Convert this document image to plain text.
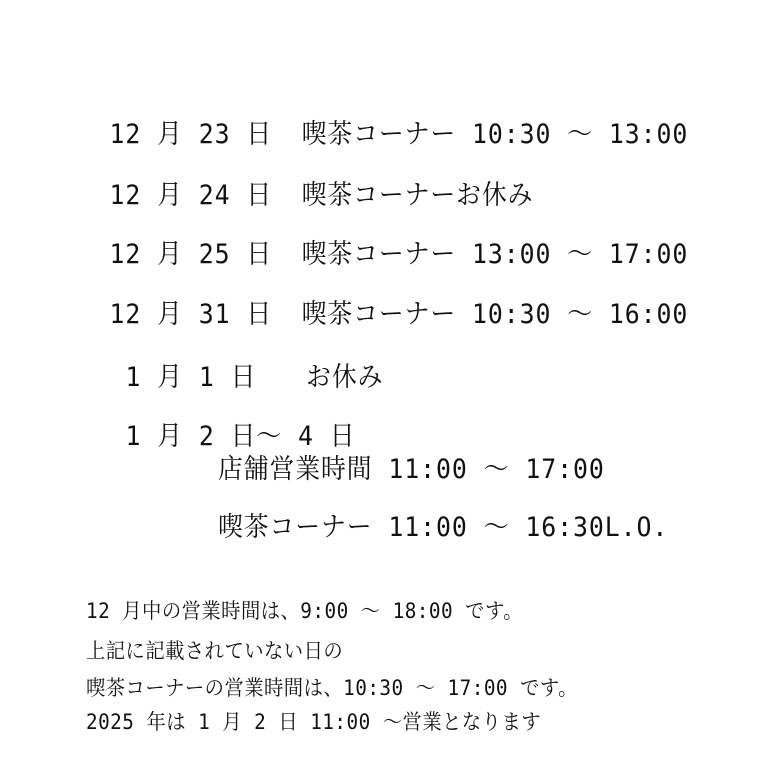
12 月 23 日 喫茶コーナー 10:30 〜 13:00

12 月 24 日 喫茶コーナーお休み

12 月 25 日 喫茶コーナー 13:00 〜 17:00

12 月 31 日 喫茶コーナー 10:30 〜 16:00

1 月 1 日 お休み

1 月 2 日〜 4 日

店舗営業時間 11:00 〜 17:00
喫茶コーナー 11:00 〜 16:30L.O.
12 月中の営業時間は、9:00 〜 18:00 です。
上記に記載されていない日の
喫茶コーナーの営業時間は、10:30 〜 17:00 です。
2025 年は 1 月 2 日 11:00 〜営業となります
